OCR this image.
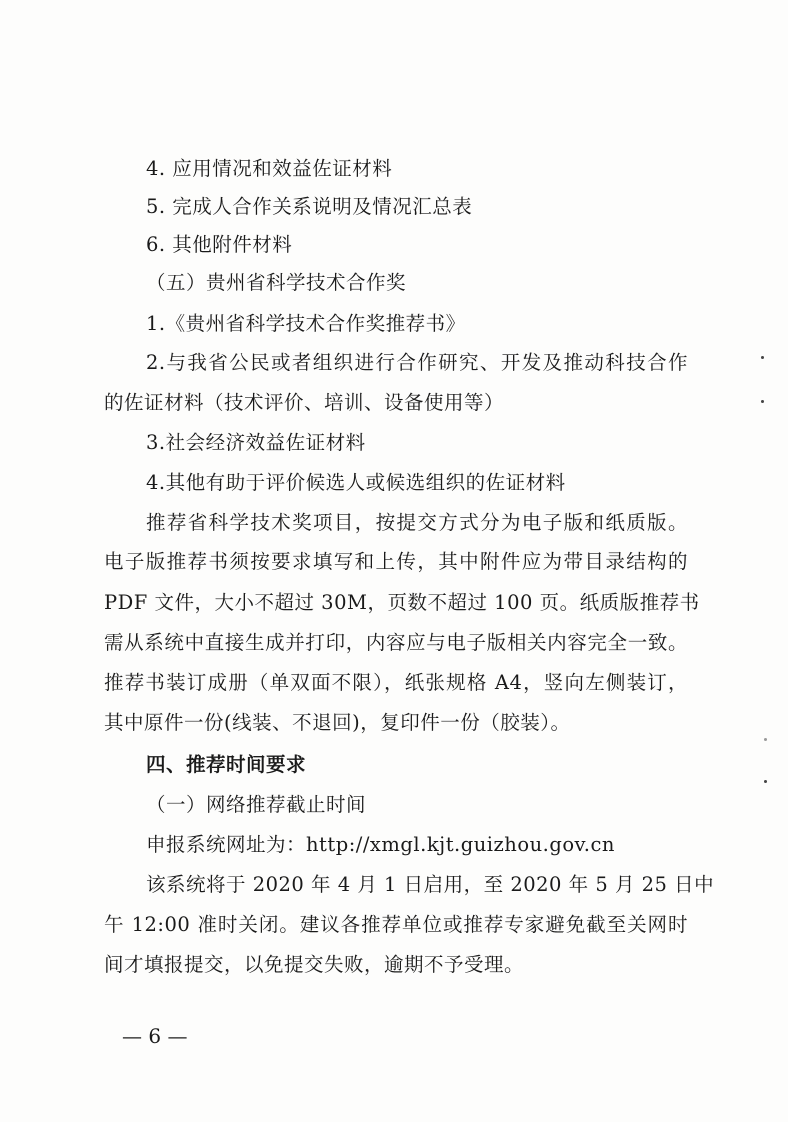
4. 应用情况和效益佐证材料
5. 完成人合作关系说明及情况汇总表
6. 其他附件材料
（五）贵州省科学技术合作奖
1.《贵州省科学技术合作奖推荐书》
2.与我省公民或者组织进行合作研究、开发及推动科技合作
的佐证材料（技术评价、培训、设备使用等）
3.社会经济效益佐证材料
4.其他有助于评价候选人或候选组织的佐证材料
推荐省科学技术奖项目，按提交方式分为电子版和纸质版。
电子版推荐书须按要求填写和上传，其中附件应为带目录结构的
PDF 文件，大小不超过 30M，页数不超过 100 页。纸质版推荐书
需从系统中直接生成并打印，内容应与电子版相关内容完全一致。
推荐书装订成册（单双面不限），纸张规格 A4，竖向左侧装订，
其中原件一份(线装、不退回)，复印件一份（胶装）。
四、推荐时间要求
（一）网络推荐截止时间
申报系统网址为：http://xmgl.kjt.guizhou.gov.cn
该系统将于 2020 年 4 月 1 日启用，至 2020 年 5 月 25 日中
午 12:00 准时关闭。建议各推荐单位或推荐专家避免截至关网时
间才填报提交，以免提交失败，逾期不予受理。
— 6 —
